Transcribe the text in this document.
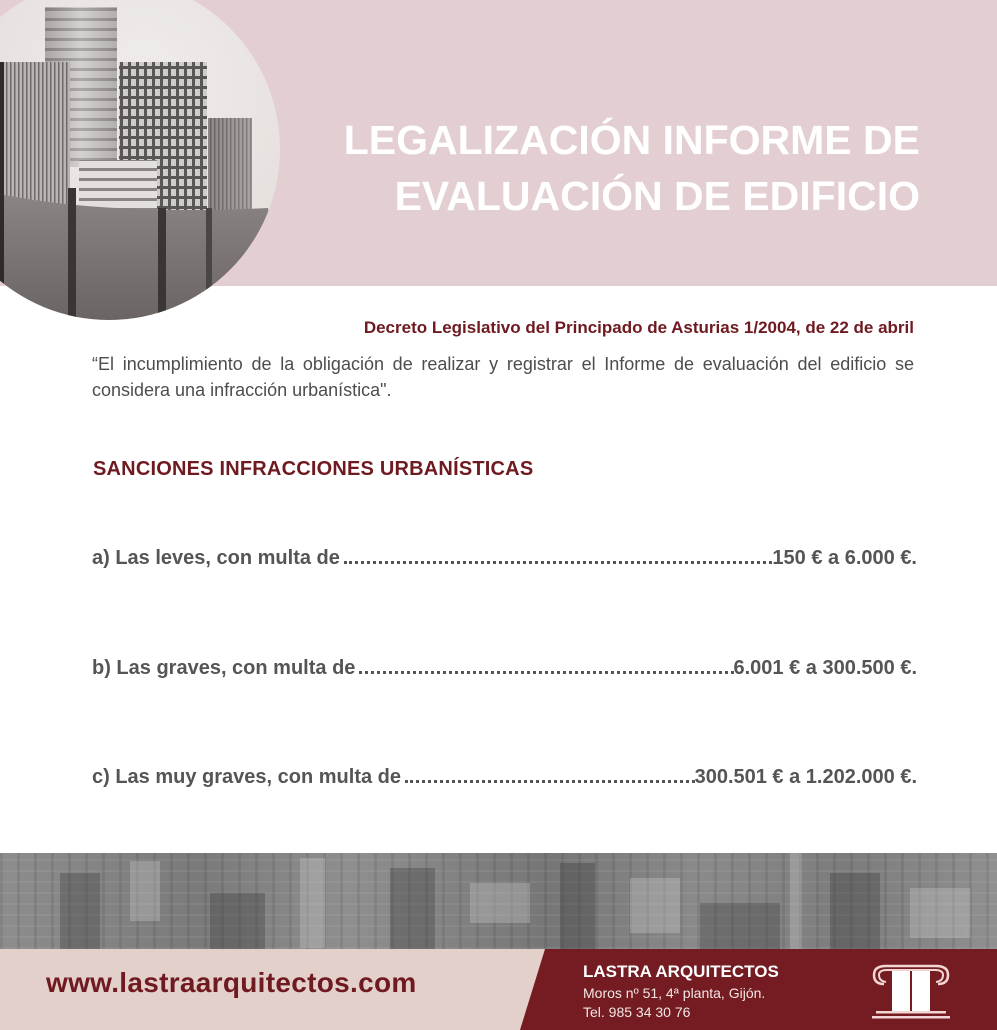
LEGALIZACIÓN INFORME DE
EVALUACIÓN DE EDIFICIO
Decreto Legislativo del Principado de Asturias 1/2004, de 22 de abril

“El incumplimiento de la obligación de realizar y registrar el Informe de evaluación del edificio se considera una infracción urbanística".

SANCIONES INFRACCIONES URBANÍSTICAS
a) Las leves, con multa de	150 € a 6.000 €.
b) Las graves, con multa de	6.001 € a 300.500 €.
c) Las muy graves, con multa de	300.501 € a 1.202.000 €.
www.lastraarquitectos.com	LASTRA ARQUITECTOS
Moros nº 51, 4ª planta, Gijón.
Tel. 985 34 30 76
